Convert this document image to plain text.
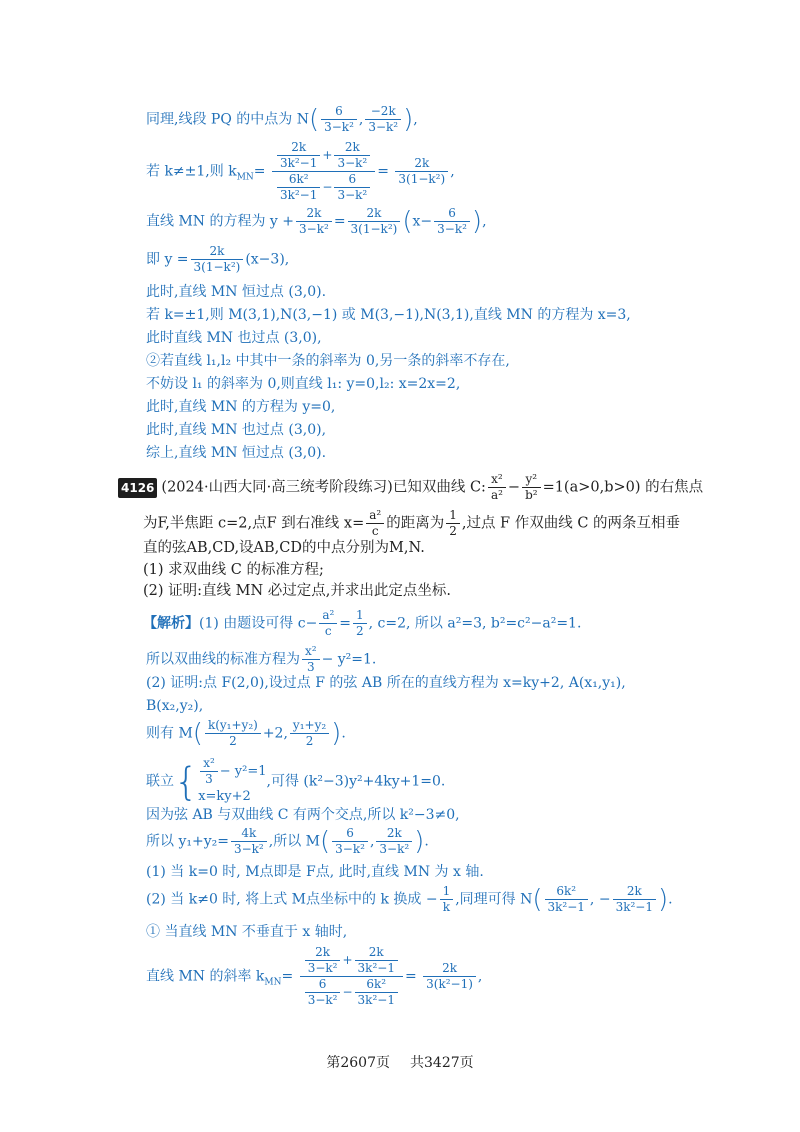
同理,线段 PQ 的中点为 $N( \frac{6}{\text{3−k²}}$ , $\frac{-2k}{\text{3−k²}}$ ),
若 k≠±1,则 $k_{MN}= \frac{\frac{2k}{\text{3k²−1}} + \frac{2k}{\text{3−k²}}}{\frac{\text{6k²}}{\text{3k²−1}} - \frac{6}{\text{3−k²}}} = \frac{2k}{\text{3(1−k²)}}$ ,
直线 MN 的方程为 $y + \frac{2k}{\text{3−k²}} = \frac{2k}{\text{3(1−k²)}} (x- \frac{6}{\text{3−k²}}$ ),
即 $y = \frac{2k}{\text{3(1−k²)}} (x-3)$,
此时,直线 MN 恒过点 (3,0).
若 k=±1,则 M(3,1),N(3,−1) 或 M(3,−1),N(3,1),直线 MN 的方程为 x=3,
此时直线 MN 也过点 (3,0),
②若直线 l₁,l₂ 中其中一条的斜率为 0,另一条的斜率不存在,
不妨设 l₁ 的斜率为 0,则直线 l₁: y=0,l₂: x=2x=2,
此时,直线 MN 的方程为 y=0,
此时,直线 MN 也过点 (3,0),
综上,直线 MN 恒过点 (3,0).
4126 (2024·山西大同·高三统考阶段练习)已知双曲线 C: $\frac{\text{x²}}{\text{a²}} - \frac{\text{y²}}{\text{b²}} =1(a>0,b>0)$ 的右焦点
为F,半焦距 c=2,点F 到右准线 $x= \frac{\text{a²}}{c}$ 的距离为 $\frac{1}{2}$ ,过点 F 作双曲线 C 的两条互相垂
直的弦AB,CD,设AB,CD的中点分别为M,N.
(1) 求双曲线 C 的标准方程;
(2) 证明:直线 MN 必过定点,并求出此定点坐标.
【解析】(1) 由题设可得 $c- \frac{\text{a²}}{c} = \frac{1}{2}$ , c=2, 所以 a²=3, b²=c²−a²=1.
所以双曲线的标准方程为 $\frac{\text{x²}}{3} - y^2=1$.
(2) 证明:点 F(2,0),设过点 F 的弦 AB 所在的直线方程为 x=ky+2, A(x₁,y₁),
B(x₂,y₂),
则有 $M( \frac{\text{k(y₁+y₂)}}{2} +2$, $\frac{\text{y₁+y₂}}{2}$ ).
联立{ $\frac{\text{x²}}{3} - y^2=1$
x=ky+2
,可得 (k²−3)y²+4ky+1=0.
因为弦 AB 与双曲线 C 有两个交点,所以 k²−3≠0,
所以 $y_1+y_2= \frac{4k}{\text{3−k²}}$ ,所以 $M( \frac{6}{\text{3−k²}}$ , $\frac{2k}{\text{3−k²}}$ ).
(1) 当 k=0 时, M点即是 F点, 此时,直线 MN 为 x 轴.
(2) 当 k≠0 时, 将上式 M点坐标中的 k 换成 − $\frac{1}{k}$ ,同理可得 $N( \frac{\text{6k²}}{\text{3k²−1}}$ , − $\frac{2k}{\text{3k²−1}}$ ).
① 当直线 MN 不垂直于 x 轴时,
直线 MN 的斜率 $k_{MN}= \frac{\frac{2k}{\text{3−k²}} + \frac{2k}{\text{3k²−1}}}{\frac{6}{\text{3−k²}} - \frac{\text{6k²}}{\text{3k²−1}}} = \frac{2k}{\text{3(k²−1)}}$ ,
第2607页 共3427页
